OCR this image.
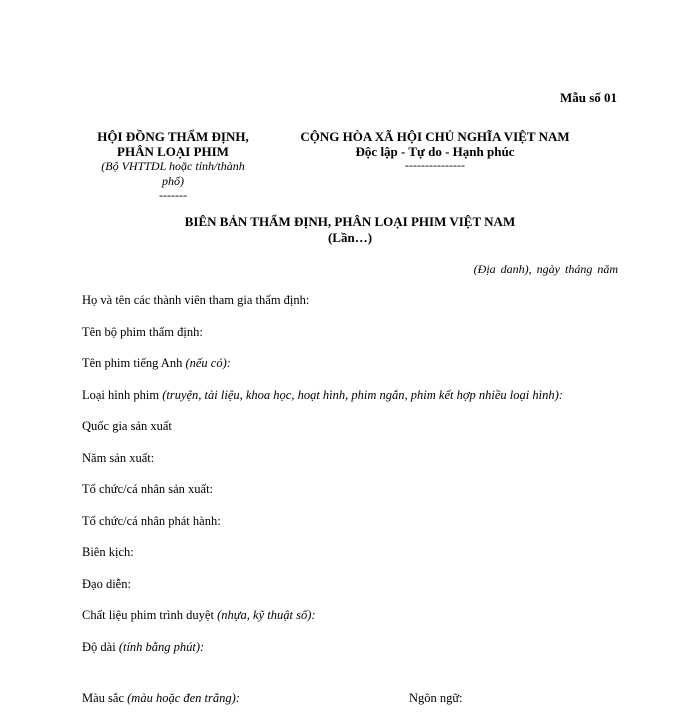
Mẫu số 01
HỘI ĐỒNG THẨM ĐỊNH,
PHÂN LOẠI PHIM
(Bộ VHTTDL hoặc tỉnh/thành
phố)
-------
CỘNG HÒA XÃ HỘI CHỦ NGHĨA VIỆT NAM
Độc lập - Tự do - Hạnh phúc
---------------
BIÊN BẢN THẨM ĐỊNH, PHÂN LOẠI PHIM VIỆT NAM
(Lần…)
(Địa danh), ngày tháng năm
Họ và tên các thành viên tham gia thẩm định:
Tên bộ phim thẩm định:
Tên phim tiếng Anh (nếu có):
Loại hình phim (truyện, tài liệu, khoa học, hoạt hình, phim ngắn, phim kết hợp nhiều loại hình):
Quốc gia sản xuất
Năm sản xuất:
Tổ chức/cá nhân sản xuất:
Tổ chức/cá nhân phát hành:
Biên kịch:
Đạo diễn:
Chất liệu phim trình duyệt (nhựa, kỹ thuật số):
Độ dài (tính bằng phút):
Màu sắc (màu hoặc đen trắng):	Ngôn ngữ:
